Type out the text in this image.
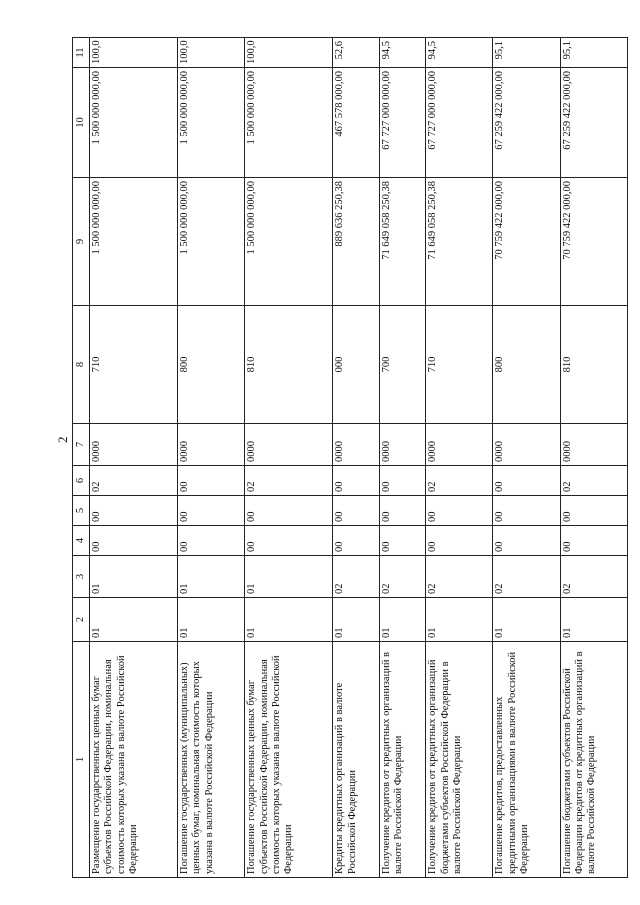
2
1	2	3	4	5	6	7	8	9	10	11
Размещение государственных ценных бумаг субъектов Российской Федерации, номинальная стоимость которых указана в валюте Российской Федерации	01	01	00	00	02	0000	710	1 500 000 000,00	1 500 000 000,00	100,0
Погашение государственных (муниципальных) ценных бумаг, номинальная стоимость которых указана в валюте Российской Федерации	01	01	00	00	00	0000	800	1 500 000 000,00	1 500 000 000,00	100,0
Погашение государственных ценных бумаг субъектов Российской Федерации, номинальная стоимость которых указана в валюте Российской Федерации	01	01	00	00	02	0000	810	1 500 000 000,00	1 500 000 000,00	100,0
Кредиты кредитных организаций в валюте Российской Федерации	01	02	00	00	00	0000	000	889 636 250,38	467 578 000,00	52,6
Получение кредитов от кредитных организаций в валюте Российской Федерации	01	02	00	00	00	0000	700	71 649 058 250,38	67 727 000 000,00	94,5
Получение кредитов от кредитных организаций бюджетами субъектов Российской Федерации в валюте Российской Федерации	01	02	00	00	02	0000	710	71 649 058 250,38	67 727 000 000,00	94,5
Погашение кредитов, предоставленных кредитными организациями в валюте Российской Федерации	01	02	00	00	00	0000	800	70 759 422 000,00	67 259 422 000,00	95,1
Погашение бюджетами субъектов Российской Федерации кредитов от кредитных организаций в валюте Российской Федерации	01	02	00	00	02	0000	810	70 759 422 000,00	67 259 422 000,00	95,1
